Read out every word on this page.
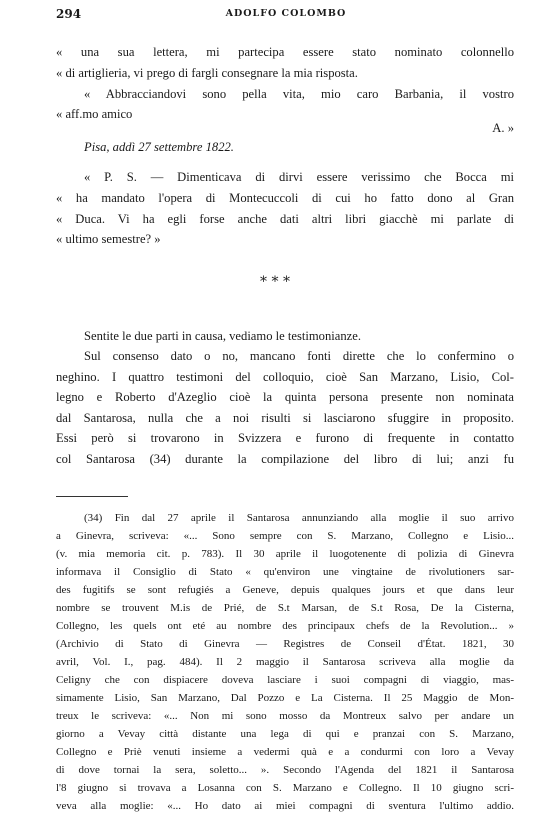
294	ADOLFO COLOMBO
« una sua lettera, mi partecipa essere stato nominato colonnello
« di artiglieria, vi prego di fargli consegnare la mia risposta.
« Abbracciandovi sono pella vita, mio caro Barbania, il vostro
« aff.mo amico
A. »
Pisa, addì 27 settembre 1822.
« P. S. — Dimenticava di dirvi essere verissimo che Bocca mi
« ha mandato l'opera di Montecuccoli di cui ho fatto dono al Gran
« Duca. Vi ha egli forse anche dati altri libri giacchè mi parlate di
« ultimo semestre? »
* * *
Sentite le due parti in causa, vediamo le testimonianze.
Sul consenso dato o no, mancano fonti dirette che lo confermino o
neghino. I quattro testimoni del colloquio, cioè San Marzano, Lisio, Col-
legno e Roberto d'Azeglio cioè la quinta persona presente non nominata
dal Santarosa, nulla che a noi risulti si lasciarono sfuggire in proposito.
Essi però si trovarono in Svizzera e furono di frequente in contatto
col Santarosa (34) durante la compilazione del libro di lui; anzi fu
(34) Fin dal 27 aprile il Santarosa annunziando alla moglie il suo arrivo
a Ginevra, scriveva: «... Sono sempre con S. Marzano, Collegno e Lisio...
(v. mia memoria cit. p. 783). Il 30 aprile il luogotenente di polizia di Ginevra
informava il Consiglio di Stato « qu'environ une vingtaine de rivolutioners sar-
des fugitifs se sont refugiés a Geneve, depuis qualques jours et que dans leur
nombre se trouvent M.is de Prié, de S.t Marsan, de S.t Rosa, De la Cisterna,
Collegno, les quels ont eté au nombre des principaux chefs de la Revolution... »
(Archivio di Stato di Ginevra — Registres de Conseil d'État. 1821, 30
avril, Vol. I., pag. 484). Il 2 maggio il Santarosa scriveva alla moglie da
Celigny che con dispiacere doveva lasciare i suoi compagni di viaggio, mas-
simamente Lisio, San Marzano, Dal Pozzo e La Cisterna. Il 25 Maggio de Mon-
treux le scriveva: «... Non mi sono mosso da Montreux salvo per andare un
giorno a Vevay città distante una lega di qui e pranzai con S. Marzano,
Collegno e Priè venuti insieme a vedermi quà e a condurmi con loro a Vevay
di dove tornai la sera, soletto... ». Secondo l'Agenda del 1821 il Santarosa
l'8 giugno si trovava a Losanna con S. Marzano e Collegno. Il 10 giugno scri-
veva alla moglie: «... Ho dato ai miei compagni di sventura l'ultimo addio.
